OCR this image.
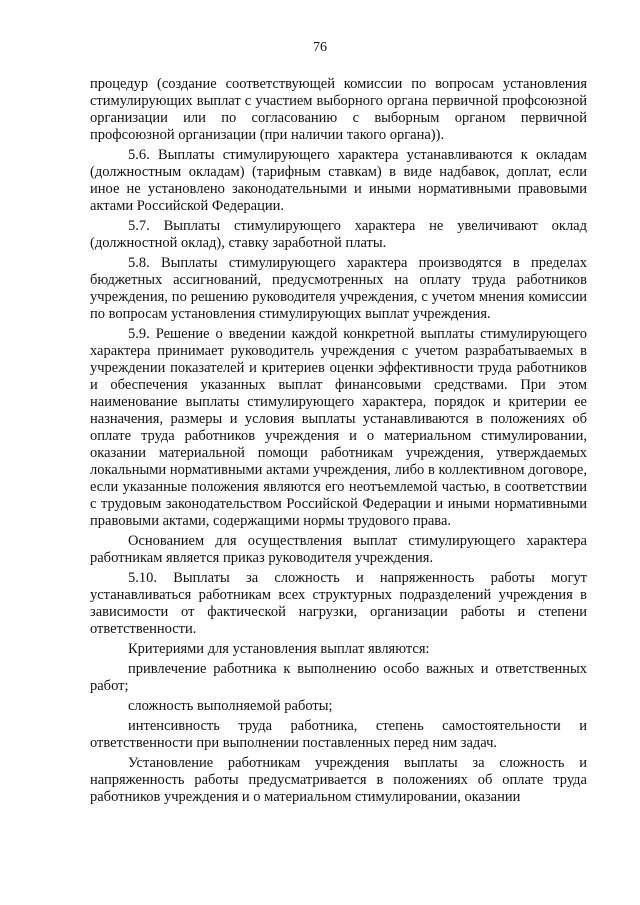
76

процедур (создание соответствующей комиссии по вопросам установления стимулирующих выплат с участием выборного органа первичной профсоюзной организации или по согласованию с выборным органом первичной профсоюзной организации (при наличии такого органа)).

5.6. Выплаты стимулирующего характера устанавливаются к окладам (должностным окладам) (тарифным ставкам) в виде надбавок, доплат, если иное не установлено законодательными и иными нормативными правовыми актами Российской Федерации.

5.7. Выплаты стимулирующего характера не увеличивают оклад (должностной оклад), ставку заработной платы.

5.8. Выплаты стимулирующего характера производятся в пределах бюджетных ассигнований, предусмотренных на оплату труда работников учреждения, по решению руководителя учреждения, с учетом мнения комиссии по вопросам установления стимулирующих выплат учреждения.

5.9. Решение о введении каждой конкретной выплаты стимулирующего характера принимает руководитель учреждения с учетом разрабатываемых в учреждении показателей и критериев оценки эффективности труда работников и обеспечения указанных выплат финансовыми средствами. При этом наименование выплаты стимулирующего характера, порядок и критерии ее назначения, размеры и условия выплаты устанавливаются в положениях об оплате труда работников учреждения и о материальном стимулировании, оказании материальной помощи работникам учреждения, утверждаемых локальными нормативными актами учреждения, либо в коллективном договоре, если указанные положения являются его неотъемлемой частью, в соответствии с трудовым законодательством Российской Федерации и иными нормативными правовыми актами, содержащими нормы трудового права.

Основанием для осуществления выплат стимулирующего характера работникам является приказ руководителя учреждения.

5.10. Выплаты за сложность и напряженность работы могут устанавливаться работникам всех структурных подразделений учреждения в зависимости от фактической нагрузки, организации работы и степени ответственности.

Критериями для установления выплат являются:

привлечение работника к выполнению особо важных и ответственных работ;

сложность выполняемой работы;

интенсивность труда работника, степень самостоятельности и ответственности при выполнении поставленных перед ним задач.

Установление работникам учреждения выплаты за сложность и напряженность работы предусматривается в положениях об оплате труда работников учреждения и о материальном стимулировании, оказании
